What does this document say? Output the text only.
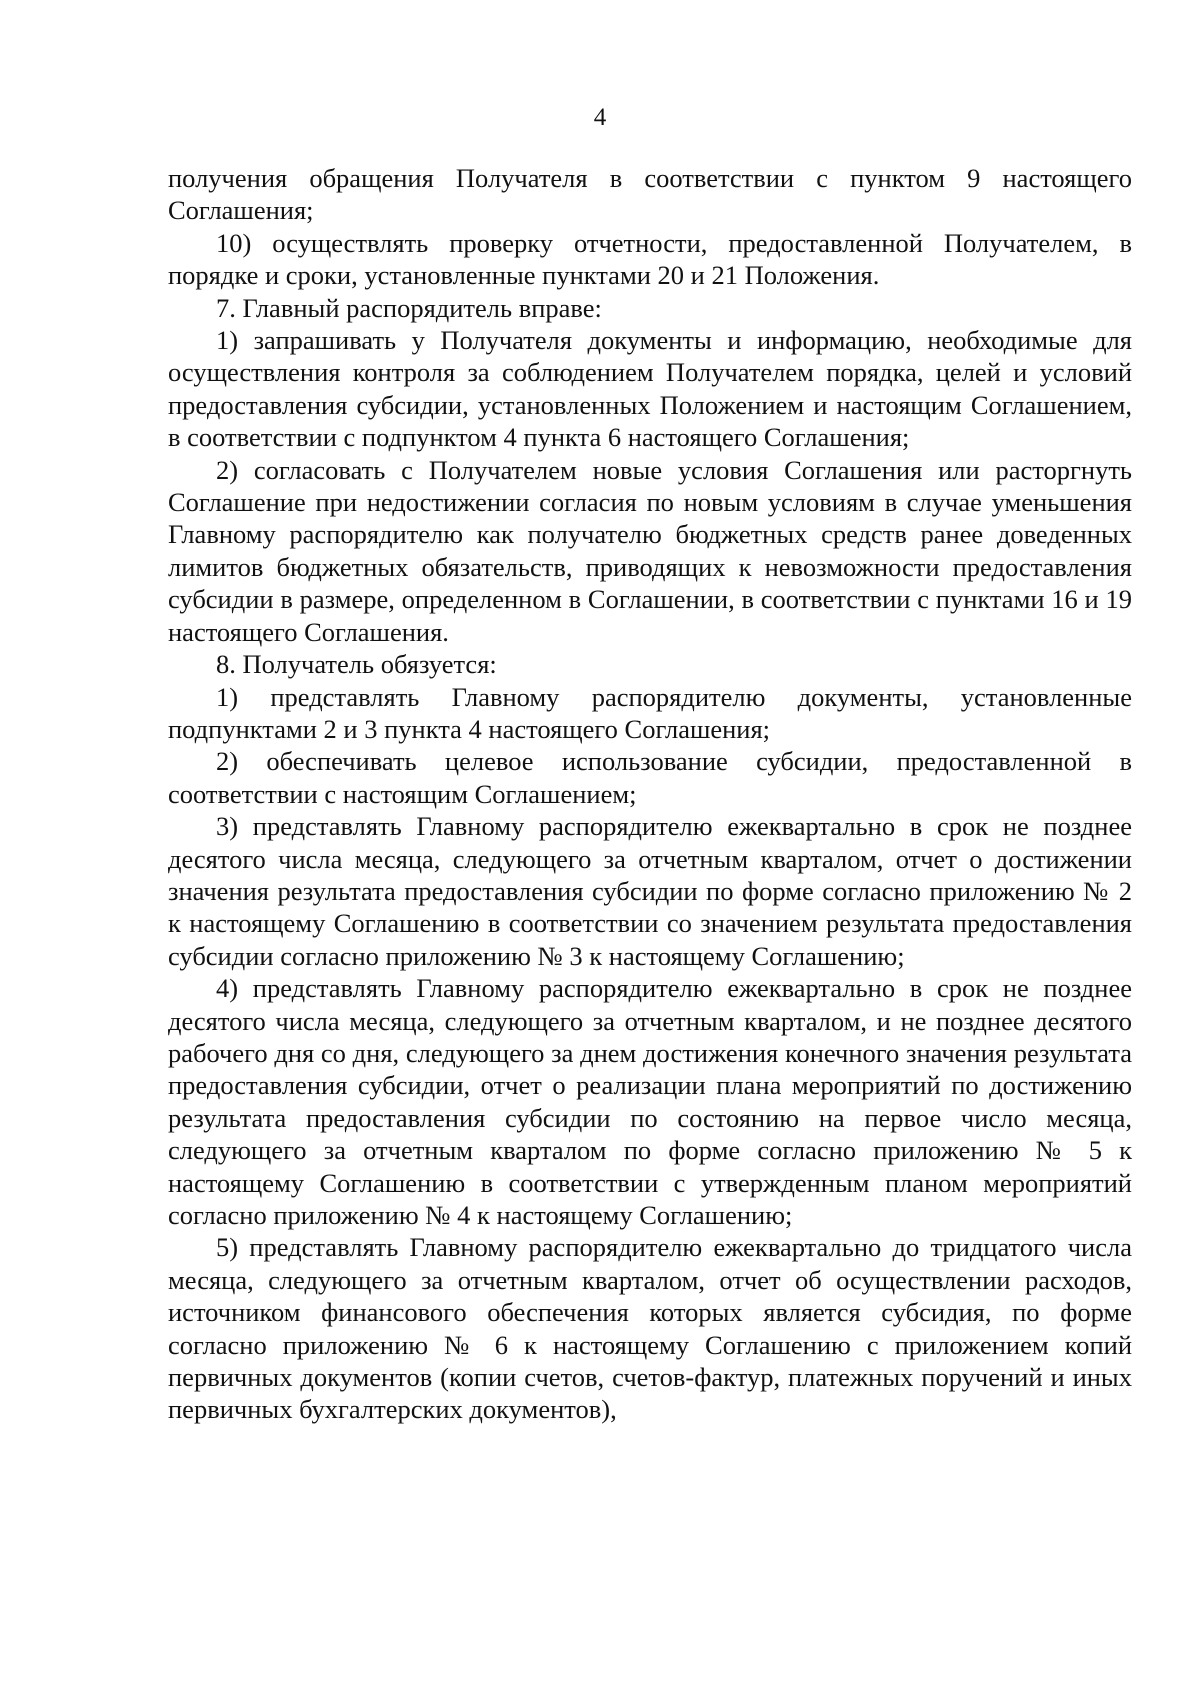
4

получения обращения Получателя в соответствии с пунктом 9 настоящего Соглашения;

10) осуществлять проверку отчетности, предоставленной Получателем, в порядке и сроки, установленные пунктами 20 и 21 Положения.

7. Главный распорядитель вправе:

1) запрашивать у Получателя документы и информацию, необходимые для осуществления контроля за соблюдением Получателем порядка, целей и условий предоставления субсидии, установленных Положением и настоящим Соглашением, в соответствии с подпунктом 4 пункта 6 настоящего Соглашения;

2) согласовать с Получателем новые условия Соглашения или расторгнуть Соглашение при недостижении согласия по новым условиям в случае уменьшения Главному распорядителю как получателю бюджетных средств ранее доведенных лимитов бюджетных обязательств, приводящих к невозможности предоставления субсидии в размере, определенном в Соглашении, в соответствии с пунктами 16 и 19 настоящего Соглашения.

8. Получатель обязуется:

1) представлять Главному распорядителю документы, установленные подпунктами 2 и 3 пункта 4 настоящего Соглашения;

2) обеспечивать целевое использование субсидии, предоставленной в соответствии с настоящим Соглашением;

3) представлять Главному распорядителю ежеквартально в срок не позднее десятого числа месяца, следующего за отчетным кварталом, отчет о достижении значения результата предоставления субсидии по форме согласно приложению № 2 к настоящему Соглашению в соответствии со значением результата предоставления субсидии согласно приложению № 3 к настоящему Соглашению;

4) представлять Главному распорядителю ежеквартально в срок не позднее десятого числа месяца, следующего за отчетным кварталом, и не позднее десятого рабочего дня со дня, следующего за днем достижения конечного значения результата предоставления субсидии, отчет о реализации плана мероприятий по достижению результата предоставления субсидии по состоянию на первое число месяца, следующего за отчетным кварталом по форме согласно приложению № 5 к настоящему Соглашению в соответствии с утвержденным планом мероприятий согласно приложению № 4 к настоящему Соглашению;

5) представлять Главному распорядителю ежеквартально до тридцатого числа месяца, следующего за отчетным кварталом, отчет об осуществлении расходов, источником финансового обеспечения которых является субсидия, по форме согласно приложению № 6 к настоящему Соглашению с приложением копий первичных документов (копии счетов, счетов-фактур, платежных поручений и иных первичных бухгалтерских документов),
